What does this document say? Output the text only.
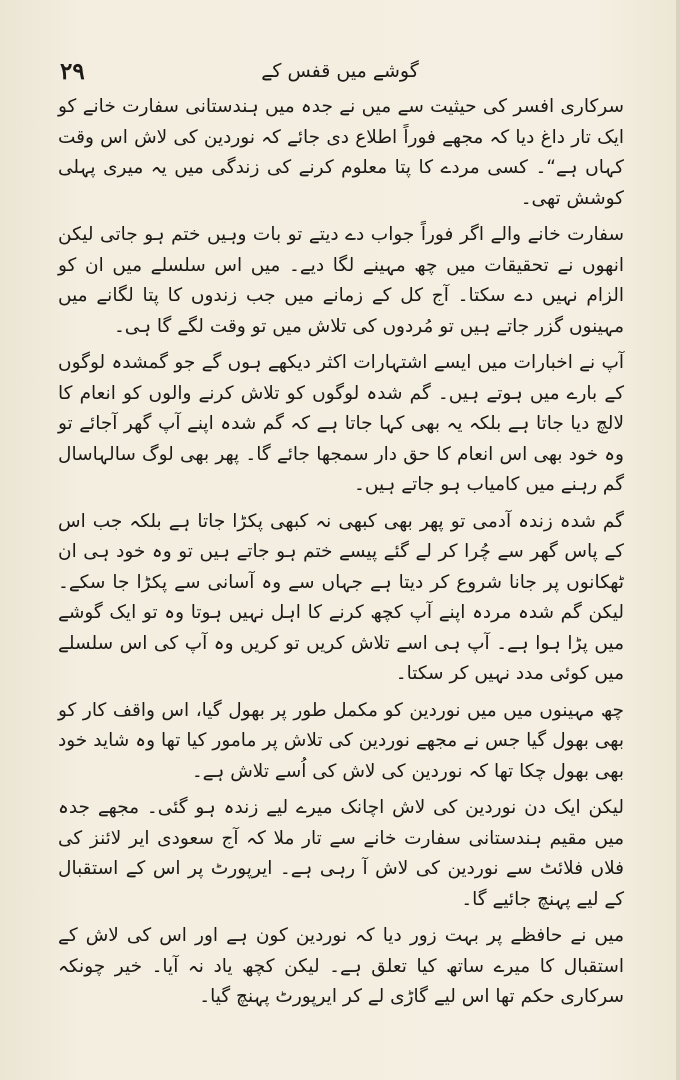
۲۹	گوشے میں قفس کے

سرکاری افسر کی حیثیت سے میں نے جدہ میں ہندستانی سفارت خانے کو ایک تار داغ دیا کہ مجھے فوراً اطلاع دی جائے کہ نوردین کی لاش اس وقت کہاں ہے“۔ کسی مردے کا پتا معلوم کرنے کی زندگی میں یہ میری پہلی کوشش تھی۔

سفارت خانے والے اگر فوراً جواب دے دیتے تو بات وہیں ختم ہو جاتی لیکن انھوں نے تحقیقات میں چھ مہینے لگا دیے۔ میں اس سلسلے میں ان کو الزام نہیں دے سکتا۔ آج کل کے زمانے میں جب زندوں کا پتا لگانے میں مہینوں گزر جاتے ہیں تو مُردوں کی تلاش میں تو وقت لگے گا ہی۔

آپ نے اخبارات میں ایسے اشتہارات اکثر دیکھے ہوں گے جو گمشدہ لوگوں کے بارے میں ہوتے ہیں۔ گم شدہ لوگوں کو تلاش کرنے والوں کو انعام کا لالچ دیا جاتا ہے بلکہ یہ بھی کہا جاتا ہے کہ گم شدہ اپنے آپ گھر آجائے تو وہ خود بھی اس انعام کا حق دار سمجھا جائے گا۔ پھر بھی لوگ سالہاسال گم رہنے میں کامیاب ہو جاتے ہیں۔

گم شدہ زندہ آدمی تو پھر بھی کبھی نہ کبھی پکڑا جاتا ہے بلکہ جب اس کے پاس گھر سے چُرا کر لے گئے پیسے ختم ہو جاتے ہیں تو وہ خود ہی ان ٹھکانوں پر جانا شروع کر دیتا ہے جہاں سے وہ آسانی سے پکڑا جا سکے۔ لیکن گم شدہ مردہ اپنے آپ کچھ کرنے کا اہل نہیں ہوتا وہ تو ایک گوشے میں پڑا ہوا ہے۔ آپ ہی اسے تلاش کریں تو کریں وہ آپ کی اس سلسلے میں کوئی مدد نہیں کر سکتا۔

چھ مہینوں میں میں نوردین کو مکمل طور پر بھول گیا، اس واقف کار کو بھی بھول گیا جس نے مجھے نوردین کی تلاش پر مامور کیا تھا وہ شاید خود بھی بھول چکا تھا کہ نوردین کی لاش کی اُسے تلاش ہے۔

لیکن ایک دن نوردین کی لاش اچانک میرے لیے زندہ ہو گئی۔ مجھے جدہ میں مقیم ہندستانی سفارت خانے سے تار ملا کہ آج سعودی ایر لائنز کی فلاں فلائٹ سے نوردین کی لاش آ رہی ہے۔ ایرپورٹ پر اس کے استقبال کے لیے پہنچ جائیے گا۔

میں نے حافظے پر بہت زور دیا کہ نوردین کون ہے اور اس کی لاش کے استقبال کا میرے ساتھ کیا تعلق ہے۔ لیکن کچھ یاد نہ آیا۔ خیر چونکہ سرکاری حکم تھا اس لیے گاڑی لے کر ایرپورٹ پہنچ گیا۔
